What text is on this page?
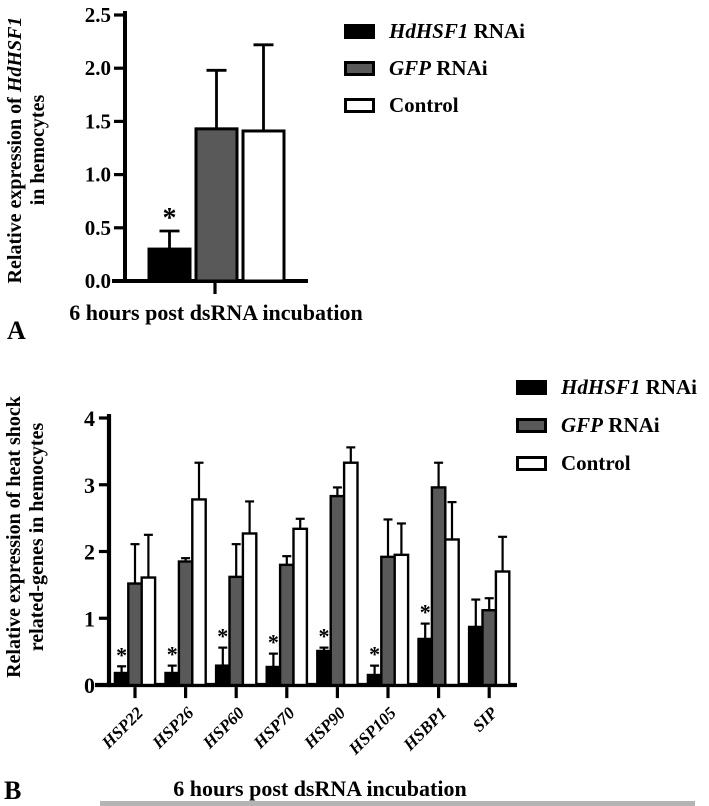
0.0
0.5
1.0
1.5
2.0
2.5
*
Relative expression of HdHSF1
in hemocytes
HdHSF1 RNAi
GFP RNAi
Control
6 hours post dsRNA incubation
A
0
1
2
3
4
HSP22
*
HSP26
*
HSP60
*
HSP70
*
HSP90
*
HSP105
*
HSBP1
*
SIP
Relative expression of heat shock
related-genes in hemocytes
HdHSF1 RNAi
GFP RNAi
Control
6 hours post dsRNA incubation
B
